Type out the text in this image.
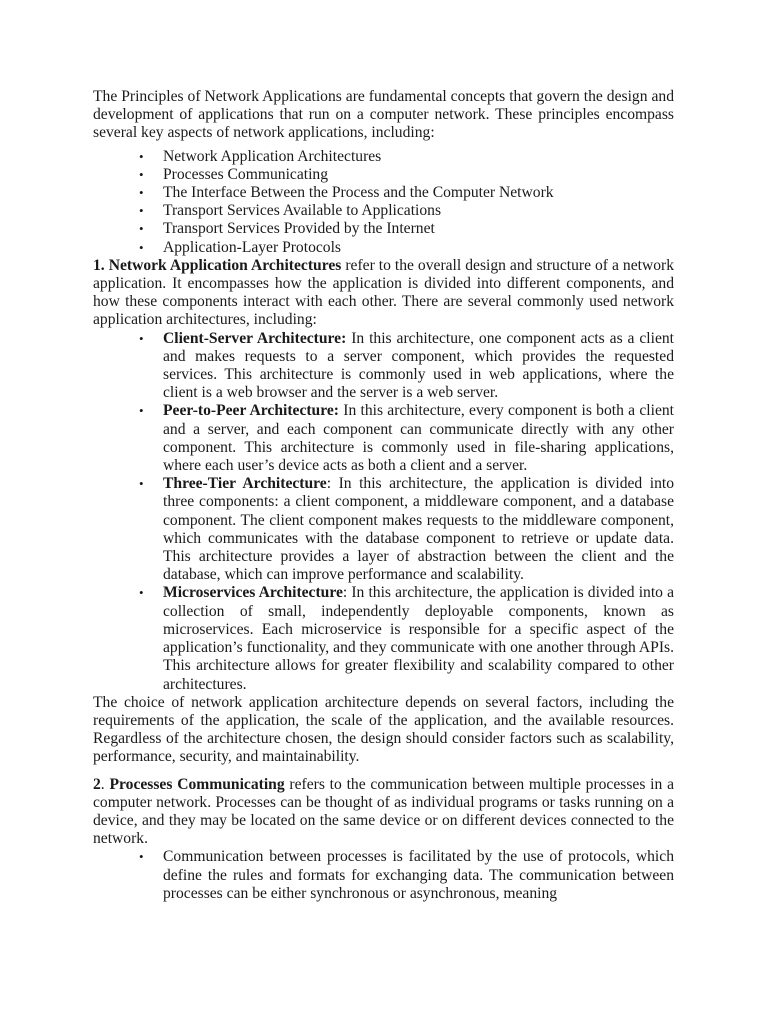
The Principles of Network Applications are fundamental concepts that govern the design and development of applications that run on a computer network. These principles encompass several key aspects of network applications, including:

• Network Application Architectures
• Processes Communicating
• The Interface Between the Process and the Computer Network
• Transport Services Available to Applications
• Transport Services Provided by the Internet
• Application-Layer Protocols

1. Network Application Architectures refer to the overall design and structure of a network application. It encompasses how the application is divided into different components, and how these components interact with each other. There are several commonly used network application architectures, including:

• Client-Server Architecture: In this architecture, one component acts as a client and makes requests to a server component, which provides the requested services. This architecture is commonly used in web applications, where the client is a web browser and the server is a web server.
• Peer-to-Peer Architecture: In this architecture, every component is both a client and a server, and each component can communicate directly with any other component. This architecture is commonly used in file-sharing applications, where each user’s device acts as both a client and a server.
• Three-Tier Architecture: In this architecture, the application is divided into three components: a client component, a middleware component, and a database component. The client component makes requests to the middleware component, which communicates with the database component to retrieve or update data. This architecture provides a layer of abstraction between the client and the database, which can improve performance and scalability.
• Microservices Architecture: In this architecture, the application is divided into a collection of small, independently deployable components, known as microservices. Each microservice is responsible for a specific aspect of the application’s functionality, and they communicate with one another through APIs. This architecture allows for greater flexibility and scalability compared to other architectures.

The choice of network application architecture depends on several factors, including the requirements of the application, the scale of the application, and the available resources. Regardless of the architecture chosen, the design should consider factors such as scalability, performance, security, and maintainability.

2. Processes Communicating refers to the communication between multiple processes in a computer network. Processes can be thought of as individual programs or tasks running on a device, and they may be located on the same device or on different devices connected to the network.

• Communication between processes is facilitated by the use of protocols, which define the rules and formats for exchanging data. The communication between processes can be either synchronous or asynchronous, meaning
